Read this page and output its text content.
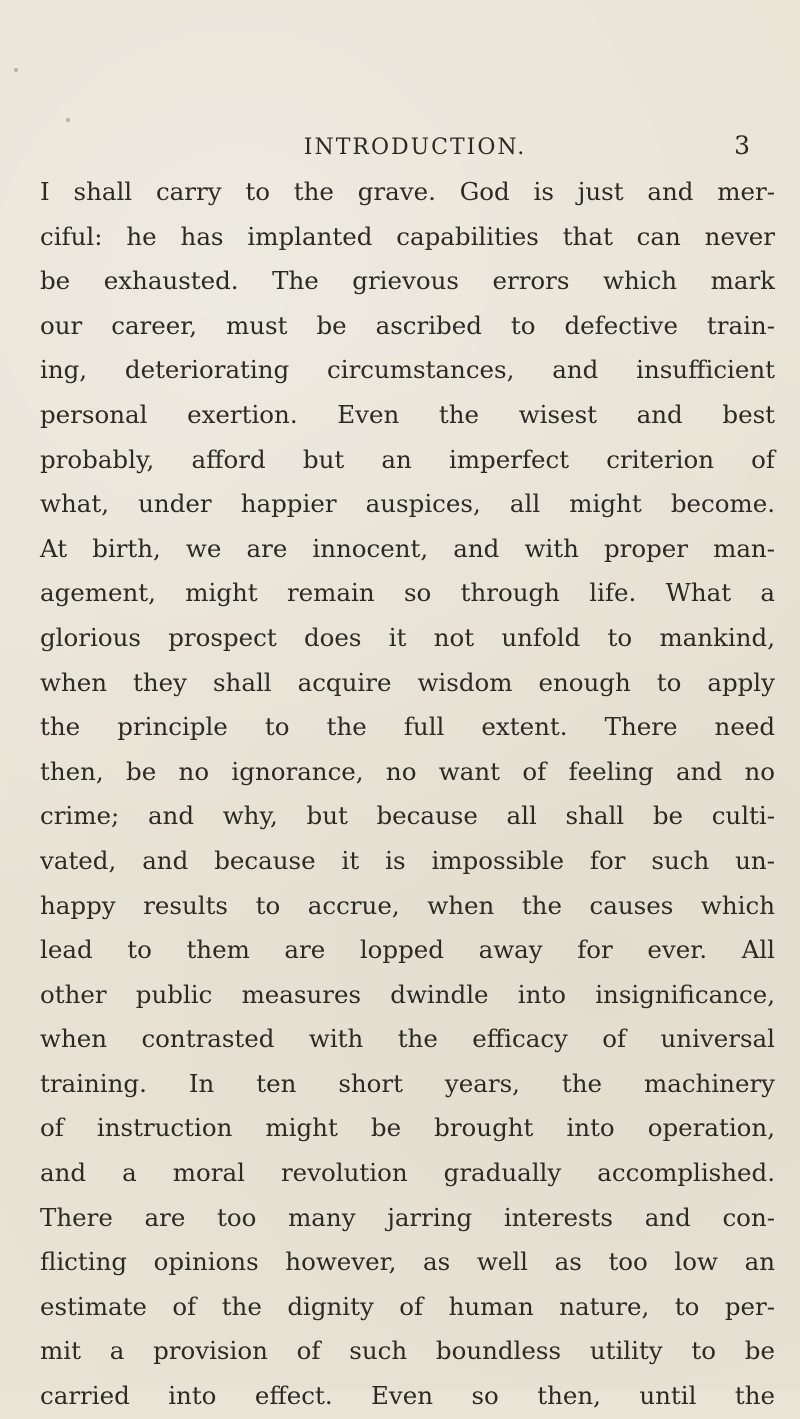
INTRODUCTION.	3
I shall carry to the grave. God is just and mer-
ciful: he has implanted capabilities that can never
be exhausted. The grievous errors which mark
our career, must be ascribed to defective train-
ing, deteriorating circumstances, and insufficient
personal exertion. Even the wisest and best
probably, afford but an imperfect criterion of
what, under happier auspices, all might become.
At birth, we are innocent, and with proper man-
agement, might remain so through life. What a
glorious prospect does it not unfold to mankind,
when they shall acquire wisdom enough to apply
the principle to the full extent. There need
then, be no ignorance, no want of feeling and no
crime; and why, but because all shall be culti-
vated, and because it is impossible for such un-
happy results to accrue, when the causes which
lead to them are lopped away for ever. All
other public measures dwindle into insignificance,
when contrasted with the efficacy of universal
training. In ten short years, the machinery
of instruction might be brought into operation,
and a moral revolution gradually accomplished.
There are too many jarring interests and con-
flicting opinions however, as well as too low an
estimate of the dignity of human nature, to per-
mit a provision of such boundless utility to be
carried into effect. Even so then, until the
